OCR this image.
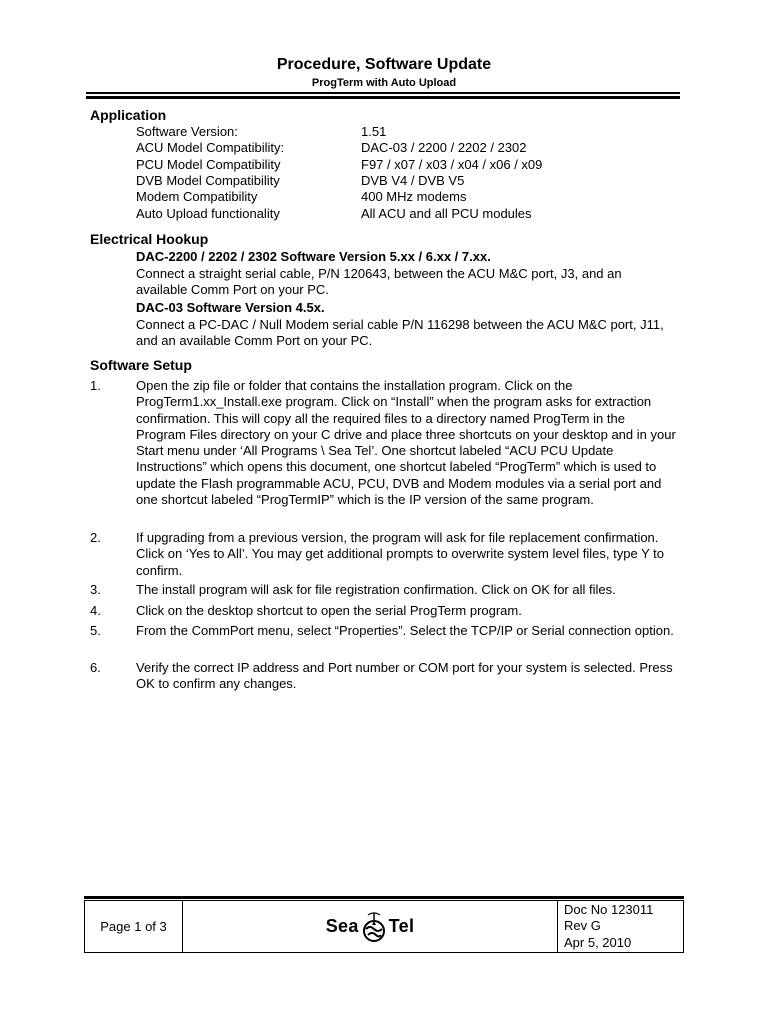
Procedure, Software Update
ProgTerm with Auto Upload
Application
Software Version:	1.51
ACU Model Compatibility:	DAC-03 / 2200 / 2202 / 2302
PCU Model Compatibility	F97 / x07 / x03 / x04 / x06 / x09
DVB Model Compatibility	DVB V4 / DVB V5
Modem Compatibility	400 MHz modems
Auto Upload functionality	All ACU and all PCU modules
Electrical Hookup
DAC-2200 / 2202 / 2302 Software Version 5.xx / 6.xx / 7.xx.
Connect a straight serial cable, P/N 120643, between the ACU M&C port, J3, and an available Comm Port on your PC.
DAC-03 Software Version 4.5x.
Connect a PC-DAC / Null Modem serial cable P/N 116298 between the ACU M&C port, J11, and an available Comm Port on your PC.
Software Setup
1.	Open the zip file or folder that contains the installation program. Click on the ProgTerm1.xx_Install.exe program. Click on “Install” when the program asks for extraction confirmation. This will copy all the required files to a directory named ProgTerm in the Program Files directory on your C drive and place three shortcuts on your desktop and in your Start menu under ‘All Programs \ Sea Tel’. One shortcut labeled “ACU PCU Update Instructions” which opens this document, one shortcut labeled “ProgTerm” which is used to update the Flash programmable ACU, PCU, DVB and Modem modules via a serial port and one shortcut labeled “ProgTermIP” which is the IP version of the same program.
2.	If upgrading from a previous version, the program will ask for file replacement confirmation. Click on ‘Yes to All’. You may get additional prompts to overwrite system level files, type Y to confirm.
3.	The install program will ask for file registration confirmation. Click on OK for all files.
4.	Click on the desktop shortcut to open the serial ProgTerm program.
5.	From the CommPort menu, select “Properties”. Select the TCP/IP or Serial connection option.
6.	Verify the correct IP address and Port number or COM port for your system is selected. Press OK to confirm any changes.
Page 1 of 3	Sea Tel

Doc No 123011
Rev G
Apr 5, 2010
